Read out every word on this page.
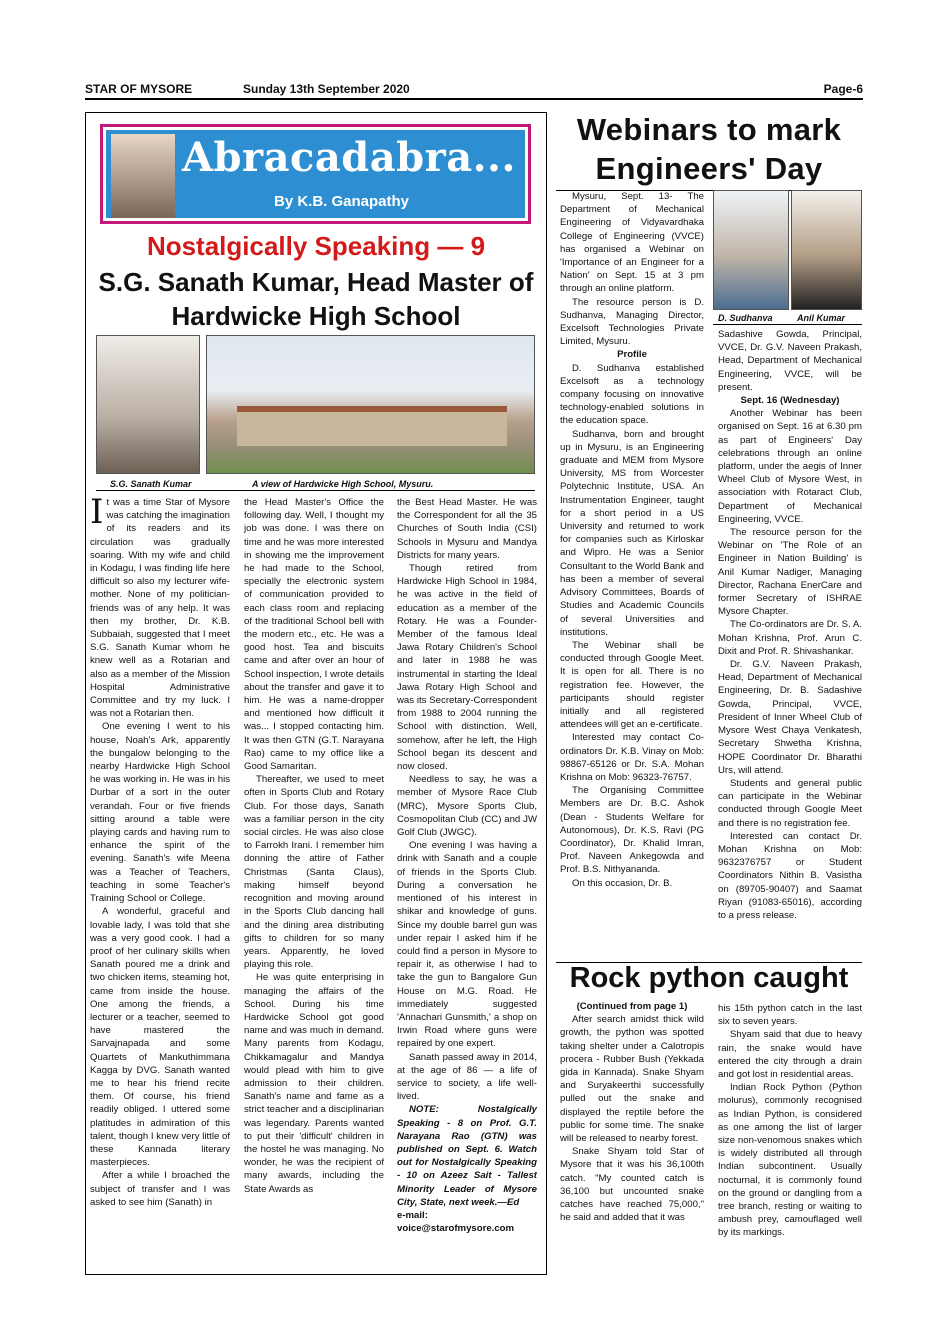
STAR OF MYSORE	Sunday 13th September 2020	Page-6
Abracadabra...
By K.B. Ganapathy
Nostalgically Speaking — 9
S.G. Sanath Kumar, Head Master of Hardwicke High School
S.G. Sanath Kumar	A view of Hardwicke High School, Mysuru.

It was a time Star of Mysore was catching the imagination of its readers and its circulation was gradually soaring. With my wife and child in Kodagu, I was finding life here difficult so also my lecturer wife-mother. None of my politician-friends was of any help. It was then my brother, Dr. K.B. Subbaiah, suggested that I meet S.G. Sanath Kumar whom he knew well as a Rotarian and also as a member of the Mission Hospital Administrative Committee and try my luck. I was not a Rotarian then.

One evening I went to his house, Noah's Ark, apparently the bungalow belonging to the nearby Hardwicke High School he was working in. He was in his Durbar of a sort in the outer verandah. Four or five friends sitting around a table were playing cards and having rum to enhance the spirit of the evening. Sanath's wife Meena was a Teacher of Teachers, teaching in some Teacher's Training School or College.

A wonderful, graceful and lovable lady, I was told that she was a very good cook. I had a proof of her culinary skills when Sanath poured me a drink and two chicken items, steaming hot, came from inside the house. One among the friends, a lecturer or a teacher, seemed to have mastered the Sarvajnapada and some Quartets of Mankuthimmana Kagga by DVG. Sanath wanted me to hear his friend recite them. Of course, his friend readily obliged. I uttered some platitudes in admiration of this talent, though I knew very little of these Kannada literary masterpieces.

After a while I broached the subject of transfer and I was asked to see him (Sanath) in

the Head Master's Office the following day. Well, I thought my job was done. I was there on time and he was more interested in showing me the improvement he had made to the School, specially the electronic system of communication provided to each class room and replacing of the traditional School bell with the modern etc., etc. He was a good host. Tea and biscuits came and after over an hour of School inspection, I wrote details about the transfer and gave it to him. He was a name-dropper and mentioned how difficult it was... I stopped contacting him. It was then GTN (G.T. Narayana Rao) came to my office like a Good Samaritan.

Thereafter, we used to meet often in Sports Club and Rotary Club. For those days, Sanath was a familiar person in the city social circles. He was also close to Farrokh Irani. I remember him donning the attire of Father Christmas (Santa Claus), making himself beyond recognition and moving around in the Sports Club dancing hall and the dining area distributing gifts to children for so many years. Apparently, he loved playing this role.

He was quite enterprising in managing the affairs of the School. During his time Hardwicke School got good name and was much in demand. Many parents from Kodagu, Chikkamagalur and Mandya would plead with him to give admission to their children. Sanath's name and fame as a strict teacher and a disciplinarian was legendary. Parents wanted to put their 'difficult' children in the hostel he was managing. No wonder, he was the recipient of many awards, including the State Awards as

the Best Head Master. He was the Correspondent for all the 35 Churches of South India (CSI) Schools in Mysuru and Mandya Districts for many years.

Though retired from Hardwicke High School in 1984, he was active in the field of education as a member of the Rotary. He was a Founder-Member of the famous Ideal Jawa Rotary Children's School and later in 1988 he was instrumental in starting the Ideal Jawa Rotary High School and was its Secretary-Correspondent from 1988 to 2004 running the School with distinction. Well, somehow, after he left, the High School began its descent and now closed.

Needless to say, he was a member of Mysore Race Club (MRC), Mysore Sports Club, Cosmopolitan Club (CC) and JW Golf Club (JWGC).

One evening I was having a drink with Sanath and a couple of friends in the Sports Club. During a conversation he mentioned of his interest in shikar and knowledge of guns. Since my double barrel gun was under repair I asked him if he could find a person in Mysore to repair it, as otherwise I had to take the gun to Bangalore Gun House on M.G. Road. He immediately suggested 'Annachari Gunsmith,' a shop on Irwin Road where guns were repaired by one expert.

Sanath passed away in 2014, at the age of 86 — a life of service to society, a life well-lived.

NOTE: Nostalgically Speaking - 8 on Prof. G.T. Narayana Rao (GTN) was published on Sept. 6. Watch out for Nostalgically Speaking - 10 on Azeez Sait - Tallest Minority Leader of Mysore City, State, next week.—Ed

e-mail: voice@starofmysore.com

Webinars to mark Engineers' Day
D. Sudhanva	Anil Kumar

Mysuru, Sept. 13- The Department of Mechanical Engineering of Vidyavardhaka College of Engineering (VVCE) has organised a Webinar on 'Importance of an Engineer for a Nation' on Sept. 15 at 3 pm through an online platform.

The resource person is D. Sudhanva, Managing Director, Excelsoft Technologies Private Limited, Mysuru.

Profile

D. Sudhanva established Excelsoft as a technology company focusing on innovative technology-enabled solutions in the education space.

Sudhanva, born and brought up in Mysuru, is an Engineering graduate and MEM from Mysore University, MS from Worcester Polytechnic Institute, USA. An Instrumentation Engineer, taught for a short period in a US University and returned to work for companies such as Kirloskar and Wipro. He was a Senior Consultant to the World Bank and has been a member of several Advisory Committees, Boards of Studies and Academic Councils of several Universities and institutions.

The Webinar shall be conducted through Google Meet. It is open for all. There is no registration fee. However, the participants should register initially and all registered attendees will get an e-certificate.

Interested may contact Co-ordinators Dr. K.B. Vinay on Mob: 98867-65126 or Dr. S.A. Mohan Krishna on Mob: 96323-76757.

The Organising Committee Members are Dr. B.C. Ashok (Dean - Students Welfare for Autonomous), Dr. K.S. Ravi (PG Coordinator), Dr. Khalid Imran, Prof. Naveen Ankegowda and Prof. B.S. Nithyananda.

On this occasion, Dr. B.

Sadashive Gowda, Principal, VVCE, Dr. G.V. Naveen Prakash, Head, Department of Mechanical Engineering, VVCE, will be present.

Sept. 16 (Wednesday)

Another Webinar has been organised on Sept. 16 at 6.30 pm as part of Engineers' Day celebrations through an online platform, under the aegis of Inner Wheel Club of Mysore West, in association with Rotaract Club, Department of Mechanical Engineering, VVCE.

The resource person for the Webinar on 'The Role of an Engineer in Nation Building' is Anil Kumar Nadiger, Managing Director, Rachana EnerCare and former Secretary of ISHRAE Mysore Chapter.

The Co-ordinators are Dr. S. A. Mohan Krishna, Prof. Arun C. Dixit and Prof. R. Shivashankar.

Dr. G.V. Naveen Prakash, Head, Department of Mechanical Engineering, Dr. B. Sadashive Gowda, Principal, VVCE, President of Inner Wheel Club of Mysore West Chaya Venkatesh, Secretary Shwetha Krishna, HOPE Coordinator Dr. Bharathi Urs, will attend.

Students and general public can participate in the Webinar conducted through Google Meet and there is no registration fee.

Interested can contact Dr. Mohan Krishna on Mob: 9632376757 or Student Coordinators Nithin B. Vasistha on (89705-90407) and Saamat Riyan (91083-65016), according to a press release.

Rock python caught

(Continued from page 1)

After search amidst thick wild growth, the python was spotted taking shelter under a Calotropis procera - Rubber Bush (Yekkada gida in Kannada). Snake Shyam and Suryakeerthi successfully pulled out the snake and displayed the reptile before the public for some time. The snake will be released to nearby forest.

Snake Shyam told Star of Mysore that it was his 36,100th catch. "My counted catch is 36,100 but uncounted snake catches have reached 75,000," he said and added that it was

his 15th python catch in the last six to seven years.

Shyam said that due to heavy rain, the snake would have entered the city through a drain and got lost in residential areas.

Indian Rock Python (Python molurus), commonly recognised as Indian Python, is considered as one among the list of larger size non-venomous snakes which is widely distributed all through Indian subcontinent. Usually nocturnal, it is commonly found on the ground or dangling from a tree branch, resting or waiting to ambush prey, camouflaged well by its markings.
